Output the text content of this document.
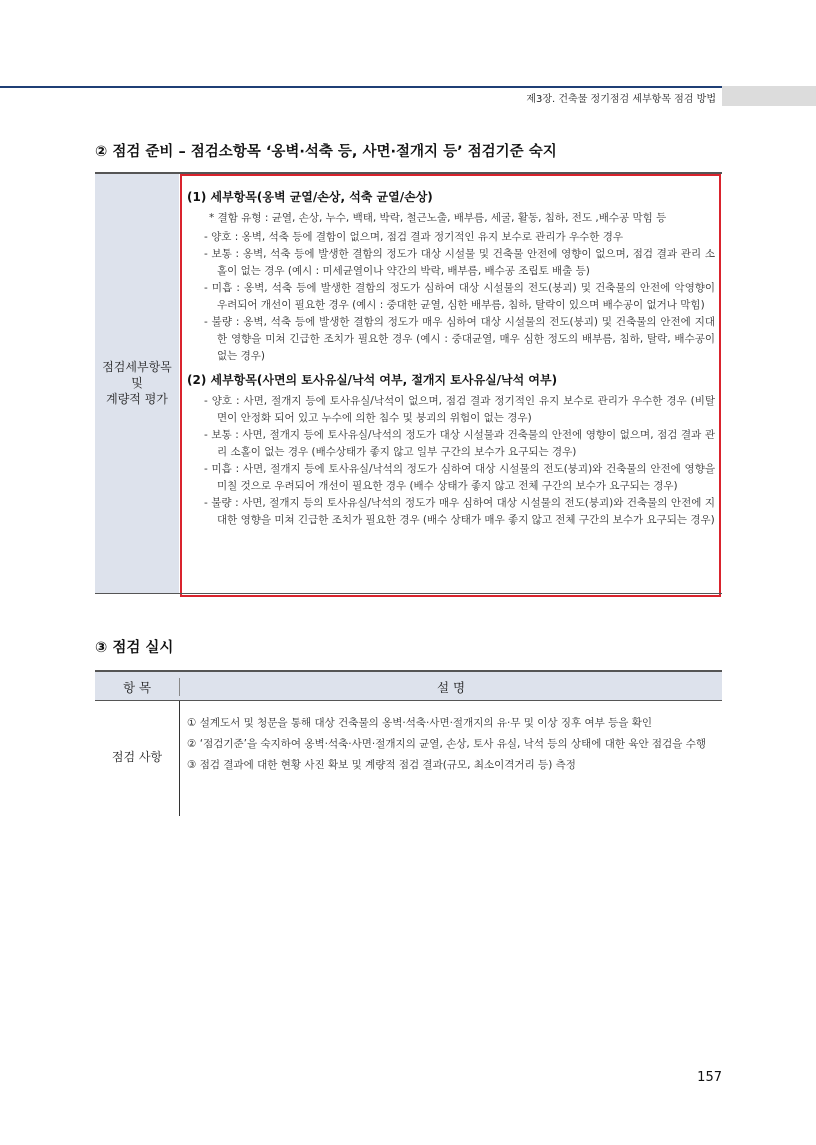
제3장. 건축물 정기점검 세부항목 점검 방법
② 점검 준비 – 점검소항목 ‘옹벽·석축 등, 사면·절개지 등’ 점검기준 숙지
점검세부항목
및
계량적 평가
(1) 세부항목(옹벽 균열/손상, 석축 균열/손상)
* 결함 유형 : 균열, 손상, 누수, 백태, 박락, 철근노출, 배부름, 세굴, 활동, 침하, 전도 ,배수공 막힘 등
- 양호 : 옹벽, 석축 등에 결함이 없으며, 점검 결과 정기적인 유지 보수로 관리가 우수한 경우
- 보통 : 옹벽, 석축 등에 발생한 결함의 정도가 대상 시설물 및 건축물 안전에 영향이 없으며, 점검 결과 관리 소홀이 없는 경우 (예시 : 미세균열이나 약간의 박락, 배부름, 배수공 조립토 배출 등)
- 미흡 : 옹벽, 석축 등에 발생한 결함의 정도가 심하여 대상 시설물의 전도(붕괴) 및 건축물의 안전에 악영향이 우려되어 개선이 필요한 경우 (예시 : 중대한 균열, 심한 배부름, 침하, 탈락이 있으며 배수공이 없거나 막힘)
- 불량 : 옹벽, 석축 등에 발생한 결함의 정도가 매우 심하여 대상 시설물의 전도(붕괴) 및 건축물의 안전에 지대한 영향을 미쳐 긴급한 조치가 필요한 경우 (예시 : 중대균열, 매우 심한 정도의 배부름, 침하, 탈락, 배수공이 없는 경우)
(2) 세부항목(사면의 토사유실/낙석 여부, 절개지 토사유실/낙석 여부)
- 양호 : 사면, 절개지 등에 토사유실/낙석이 없으며, 점검 결과 정기적인 유지 보수로 관리가 우수한 경우 (비탈면이 안정화 되어 있고 누수에 의한 침수 및 붕괴의 위험이 없는 경우)
- 보통 : 사면, 절개지 등에 토사유실/낙석의 정도가 대상 시설물과 건축물의 안전에 영향이 없으며, 점검 결과 관리 소홀이 없는 경우 (배수상태가 좋지 않고 일부 구간의 보수가 요구되는 경우)
- 미흡 : 사면, 절개지 등에 토사유실/낙석의 정도가 심하여 대상 시설물의 전도(붕괴)와 건축물의 안전에 영향을 미칠 것으로 우려되어 개선이 필요한 경우 (배수 상태가 좋지 않고 전체 구간의 보수가 요구되는 경우)
- 불량 : 사면, 절개지 등의 토사유실/낙석의 정도가 매우 심하여 대상 시설물의 전도(붕괴)와 건축물의 안전에 지대한 영향을 미쳐 긴급한 조치가 필요한 경우 (배수 상태가 매우 좋지 않고 전체 구간의 보수가 요구되는 경우)
③ 점검 실시
항 목	설 명
점검 사항
① 설계도서 및 청문을 통해 대상 건축물의 옹벽·석축·사면·절개지의 유·무 및 이상 징후 여부 등을 확인
② ‘점검기준’을 숙지하여 옹벽·석축·사면·절개지의 균열, 손상, 토사 유실, 낙석 등의 상태에 대한 육안 점검을 수행
③ 점검 결과에 대한 현황 사진 확보 및 계량적 점검 결과(규모, 최소이격거리 등) 측정
157
